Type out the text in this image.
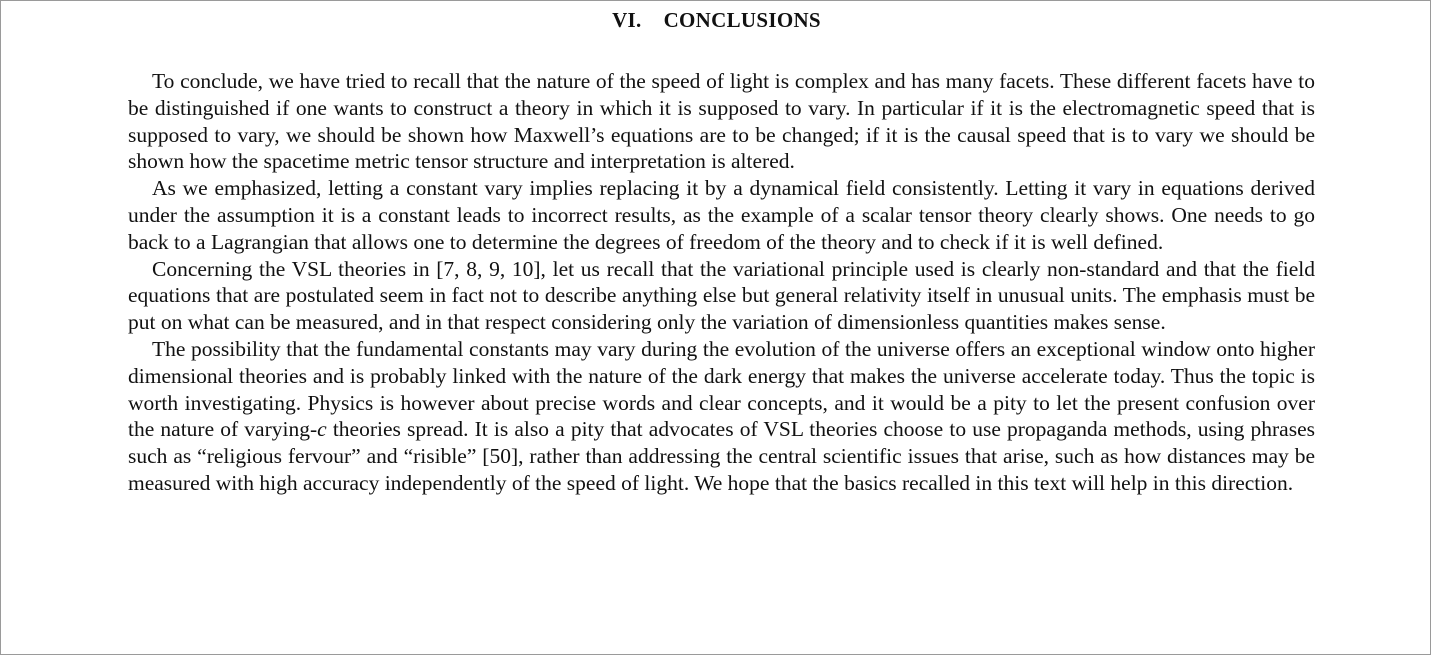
VI. CONCLUSIONS

To conclude, we have tried to recall that the nature of the speed of light is complex and has many facets. These different facets have to be distinguished if one wants to construct a theory in which it is supposed to vary. In particular if it is the electromagnetic speed that is supposed to vary, we should be shown how Maxwell’s equations are to be changed; if it is the causal speed that is to vary we should be shown how the spacetime metric tensor structure and interpretation is altered.

As we emphasized, letting a constant vary implies replacing it by a dynamical field consistently. Letting it vary in equations derived under the assumption it is a constant leads to incorrect results, as the example of a scalar tensor theory clearly shows. One needs to go back to a Lagrangian that allows one to determine the degrees of freedom of the theory and to check if it is well defined.

Concerning the VSL theories in [7, 8, 9, 10], let us recall that the variational principle used is clearly non-standard and that the field equations that are postulated seem in fact not to describe anything else but general relativity itself in unusual units. The emphasis must be put on what can be measured, and in that respect considering only the variation of dimensionless quantities makes sense.

The possibility that the fundamental constants may vary during the evolution of the universe offers an exceptional window onto higher dimensional theories and is probably linked with the nature of the dark energy that makes the universe accelerate today. Thus the topic is worth investigating. Physics is however about precise words and clear concepts, and it would be a pity to let the present confusion over the nature of varying-c theories spread. It is also a pity that advocates of VSL theories choose to use propaganda methods, using phrases such as “religious fervour” and “risible” [50], rather than addressing the central scientific issues that arise, such as how distances may be measured with high accuracy independently of the speed of light. We hope that the basics recalled in this text will help in this direction.
